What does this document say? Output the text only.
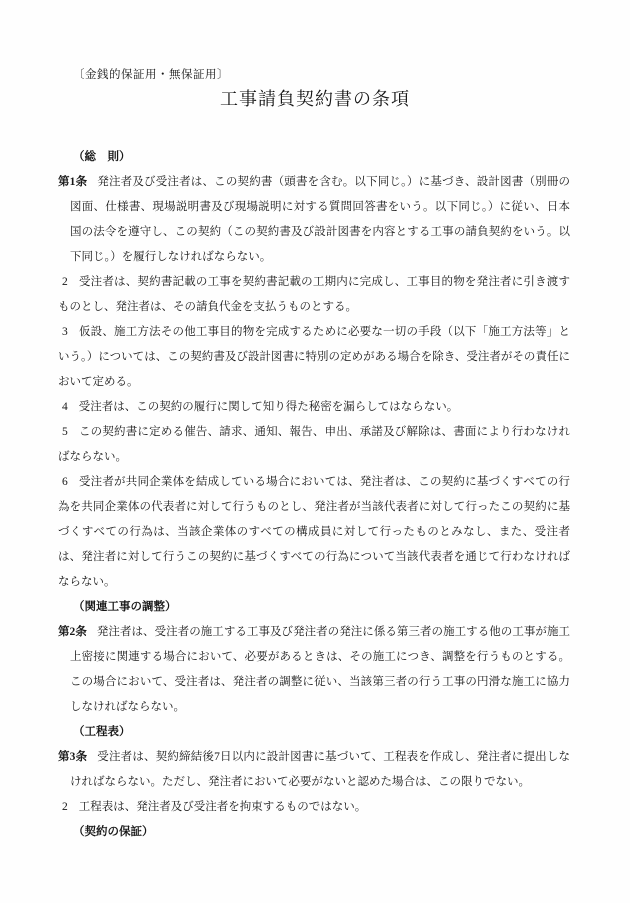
〔金銭的保証用・無保証用〕
工事請負契約書の条項

（総　則）

第1条 発注者及び受注者は、この契約書（頭書を含む。以下同じ。）に基づき、設計図書（別冊の図面、仕様書、現場説明書及び現場説明に対する質問回答書をいう。以下同じ。）に従い、日本国の法令を遵守し、この契約（この契約書及び設計図書を内容とする工事の請負契約をいう。以下同じ。）を履行しなければならない。

2 受注者は、契約書記載の工事を契約書記載の工期内に完成し、工事目的物を発注者に引き渡すものとし、発注者は、その請負代金を支払うものとする。

3 仮設、施工方法その他工事目的物を完成するために必要な一切の手段（以下「施工方法等」という。）については、この契約書及び設計図書に特別の定めがある場合を除き、受注者がその責任において定める。

4 受注者は、この契約の履行に関して知り得た秘密を漏らしてはならない。

5 この契約書に定める催告、請求、通知、報告、申出、承諾及び解除は、書面により行わなければならない。

6 受注者が共同企業体を結成している場合においては、発注者は、この契約に基づくすべての行為を共同企業体の代表者に対して行うものとし、発注者が当該代表者に対して行ったこの契約に基づくすべての行為は、当該企業体のすべての構成員に対して行ったものとみなし、また、受注者は、発注者に対して行うこの契約に基づくすべての行為について当該代表者を通じて行わなければならない。

（関連工事の調整）

第2条 発注者は、受注者の施工する工事及び発注者の発注に係る第三者の施工する他の工事が施工上密接に関連する場合において、必要があるときは、その施工につき、調整を行うものとする。この場合において、受注者は、発注者の調整に従い、当該第三者の行う工事の円滑な施工に協力しなければならない。

（工程表）

第3条 受注者は、契約締結後7日以内に設計図書に基づいて、工程表を作成し、発注者に提出しなければならない。ただし、発注者において必要がないと認めた場合は、この限りでない。

2 工程表は、発注者及び受注者を拘束するものではない。

（契約の保証）
